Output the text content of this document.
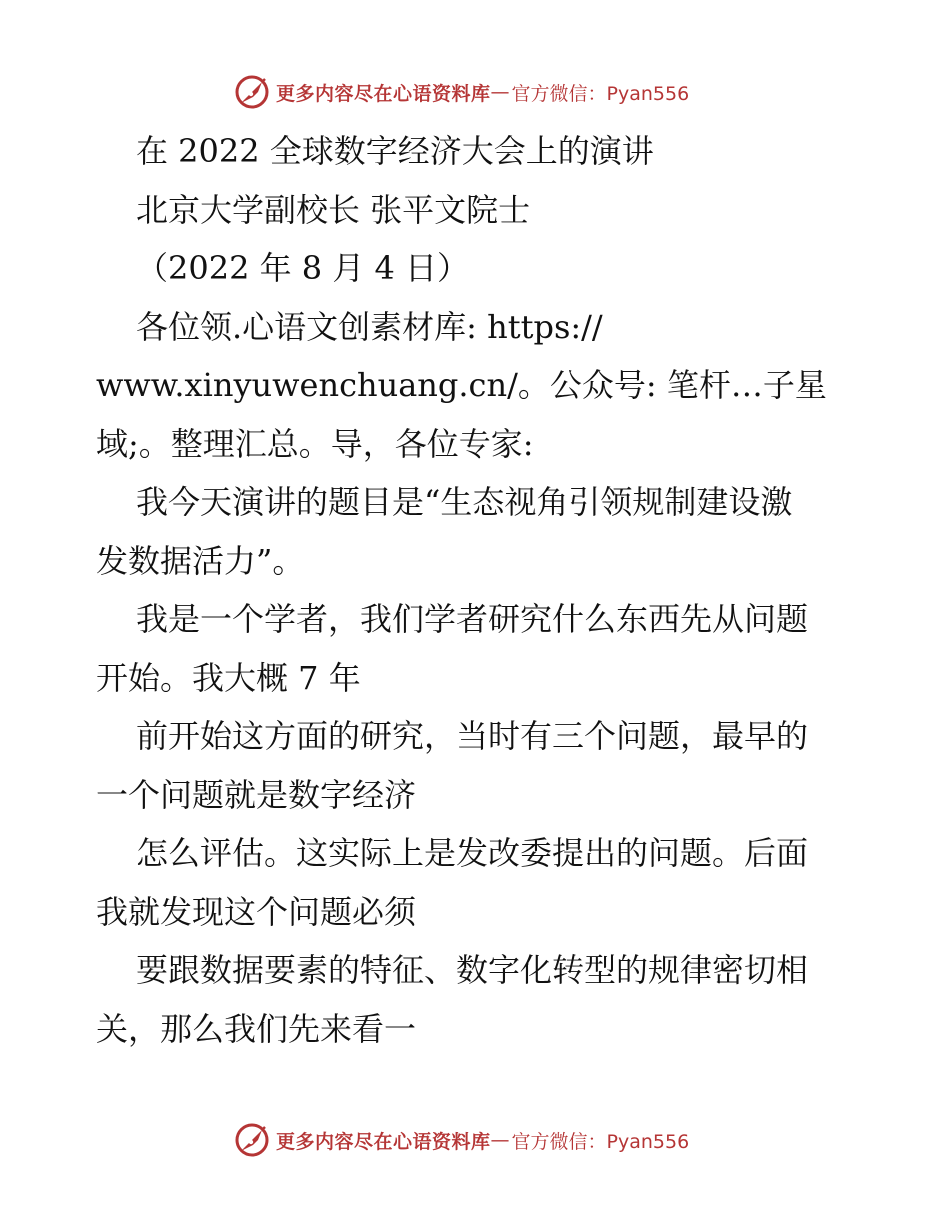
更多内容尽在心语资料库 — 官方微信：Pyan556
在 2022 全球数字经济大会上的演讲
北京大学副校长 张平文院士
（2022 年 8 月 4 日）
各位领.心语文创素材库: https://
www.xinyuwenchuang.cn/。公众号: 笔杆…子星
域;。整理汇总。导，各位专家:
我今天演讲的题目是“生态视角引领规制建设激
发数据活力”。
我是一个学者，我们学者研究什么东西先从问题
开始。我大概 7 年
前开始这方面的研究，当时有三个问题，最早的
一个问题就是数字经济
怎么评估。这实际上是发改委提出的问题。后面
我就发现这个问题必须
要跟数据要素的特征、数字化转型的规律密切相
关，那么我们先来看一
更多内容尽在心语资料库 — 官方微信：Pyan556
